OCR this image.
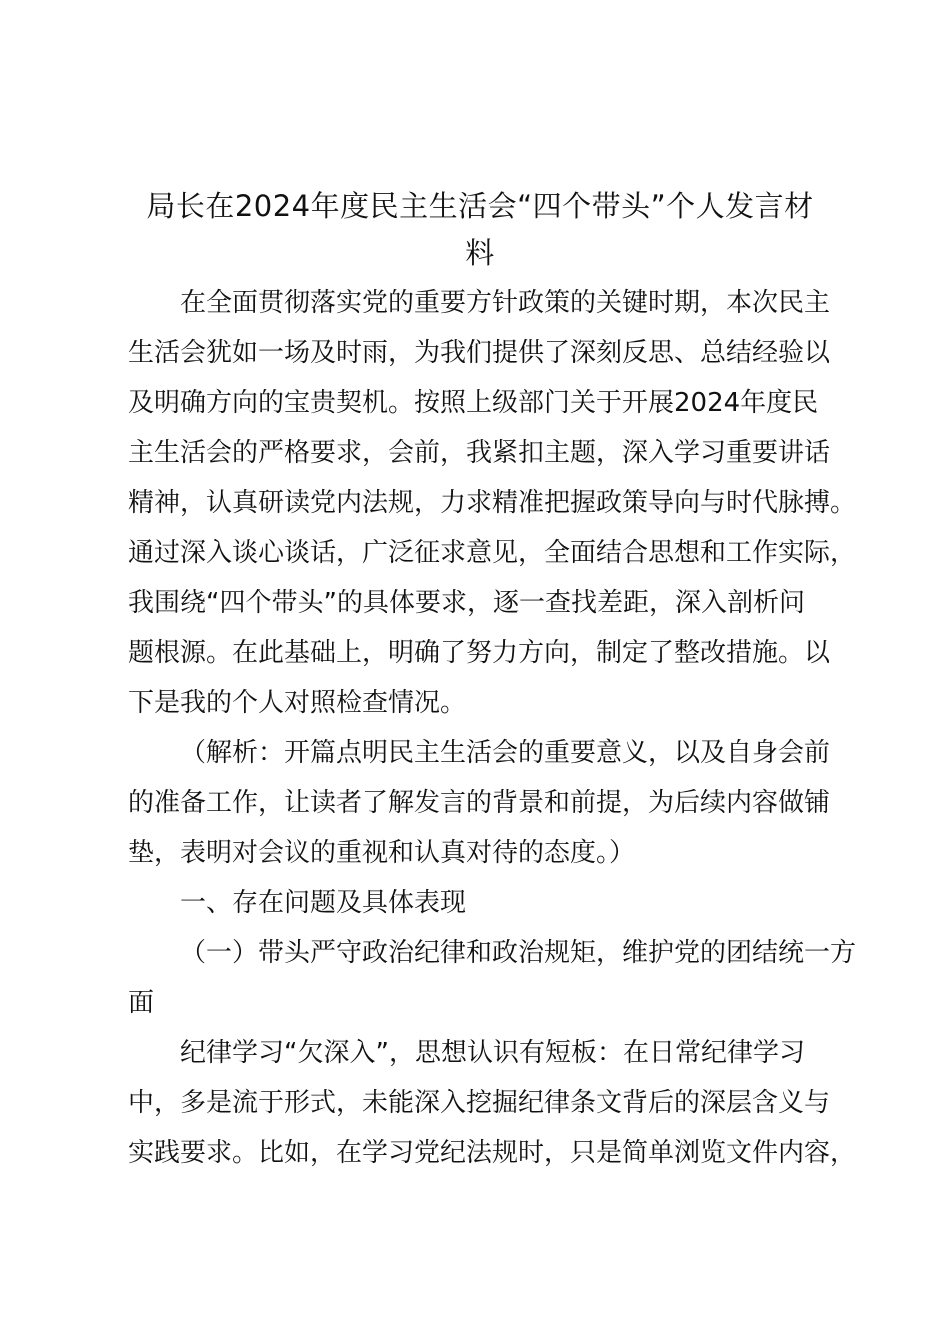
局长在2024年度民主生活会“四个带头”个人发言材
料
在全面贯彻落实党的重要方针政策的关键时期，本次民主
生活会犹如一场及时雨，为我们提供了深刻反思、总结经验以
及明确方向的宝贵契机。按照上级部门关于开展2024年度民
主生活会的严格要求，会前，我紧扣主题，深入学习重要讲话
精神，认真研读党内法规，力求精准把握政策导向与时代脉搏。
通过深入谈心谈话，广泛征求意见，全面结合思想和工作实际，
我围绕“四个带头”的具体要求，逐一查找差距，深入剖析问
题根源。在此基础上，明确了努力方向，制定了整改措施。以
下是我的个人对照检查情况。
（解析：开篇点明民主生活会的重要意义，以及自身会前
的准备工作，让读者了解发言的背景和前提，为后续内容做铺
垫，表明对会议的重视和认真对待的态度。）
一、存在问题及具体表现
（一）带头严守政治纪律和政治规矩，维护党的团结统一方
面
纪律学习“欠深入”，思想认识有短板：在日常纪律学习
中，多是流于形式，未能深入挖掘纪律条文背后的深层含义与
实践要求。比如，在学习党纪法规时，只是简单浏览文件内容，
